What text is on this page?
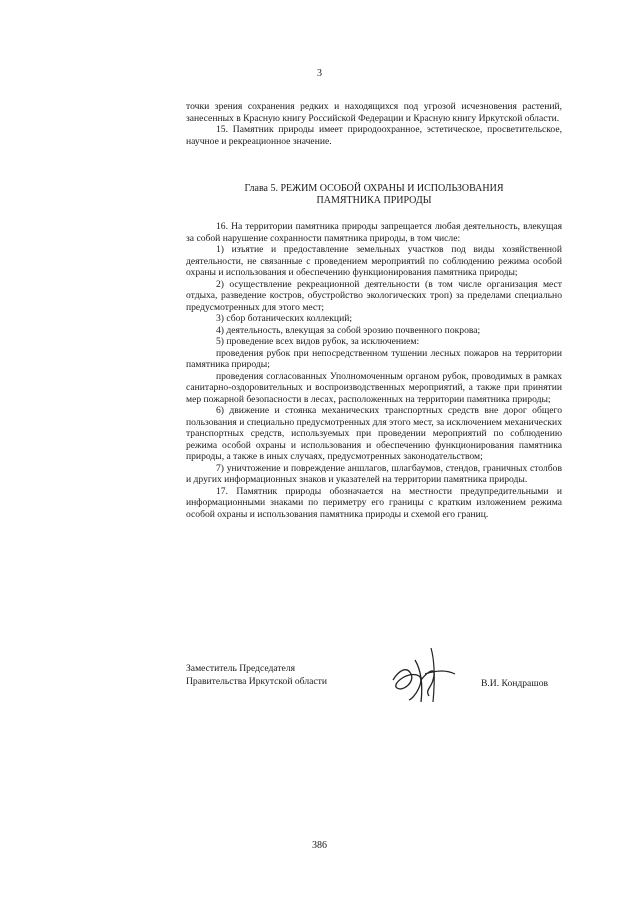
3

точки зрения сохранения редких и находящихся под угрозой исчезновения растений, занесенных в Красную книгу Российской Федерации и Красную книгу Иркутской области.

15. Памятник природы имеет природоохранное, эстетическое, просветительское, научное и рекреационное значение.

Глава 5. РЕЖИМ ОСОБОЙ ОХРАНЫ И ИСПОЛЬЗОВАНИЯ
ПАМЯТНИКА ПРИРОДЫ

16. На территории памятника природы запрещается любая деятельность, влекущая за собой нарушение сохранности памятника природы, в том числе:

1) изъятие и предоставление земельных участков под виды хозяйственной деятельности, не связанные с проведением мероприятий по соблюдению режима особой охраны и использования и обеспечению функционирования памятника природы;

2) осуществление рекреационной деятельности (в том числе организация мест отдыха, разведение костров, обустройство экологических троп) за пределами специально предусмотренных для этого мест;

3) сбор ботанических коллекций;

4) деятельность, влекущая за собой эрозию почвенного покрова;

5) проведение всех видов рубок, за исключением:

проведения рубок при непосредственном тушении лесных пожаров на территории памятника природы;

проведения согласованных Уполномоченным органом рубок, проводимых в рамках санитарно-оздоровительных и воспроизводственных мероприятий, а также при принятии мер пожарной безопасности в лесах, расположенных на территории памятника природы;

6) движение и стоянка механических транспортных средств вне дорог общего пользования и специально предусмотренных для этого мест, за исключением механических транспортных средств, используемых при проведении мероприятий по соблюдению режима особой охраны и использования и обеспечению функционирования памятника природы, а также в иных случаях, предусмотренных законодательством;

7) уничтожение и повреждение аншлагов, шлагбаумов, стендов, граничных столбов и других информационных знаков и указателей на территории памятника природы.

17. Памятник природы обозначается на местности предупредительными и информационными знаками по периметру его границы с кратким изложением режима особой охраны и использования памятника природы и схемой его границ.

Заместитель Председателя
Правительства Иркутской области	В.И. Кондрашов
386
